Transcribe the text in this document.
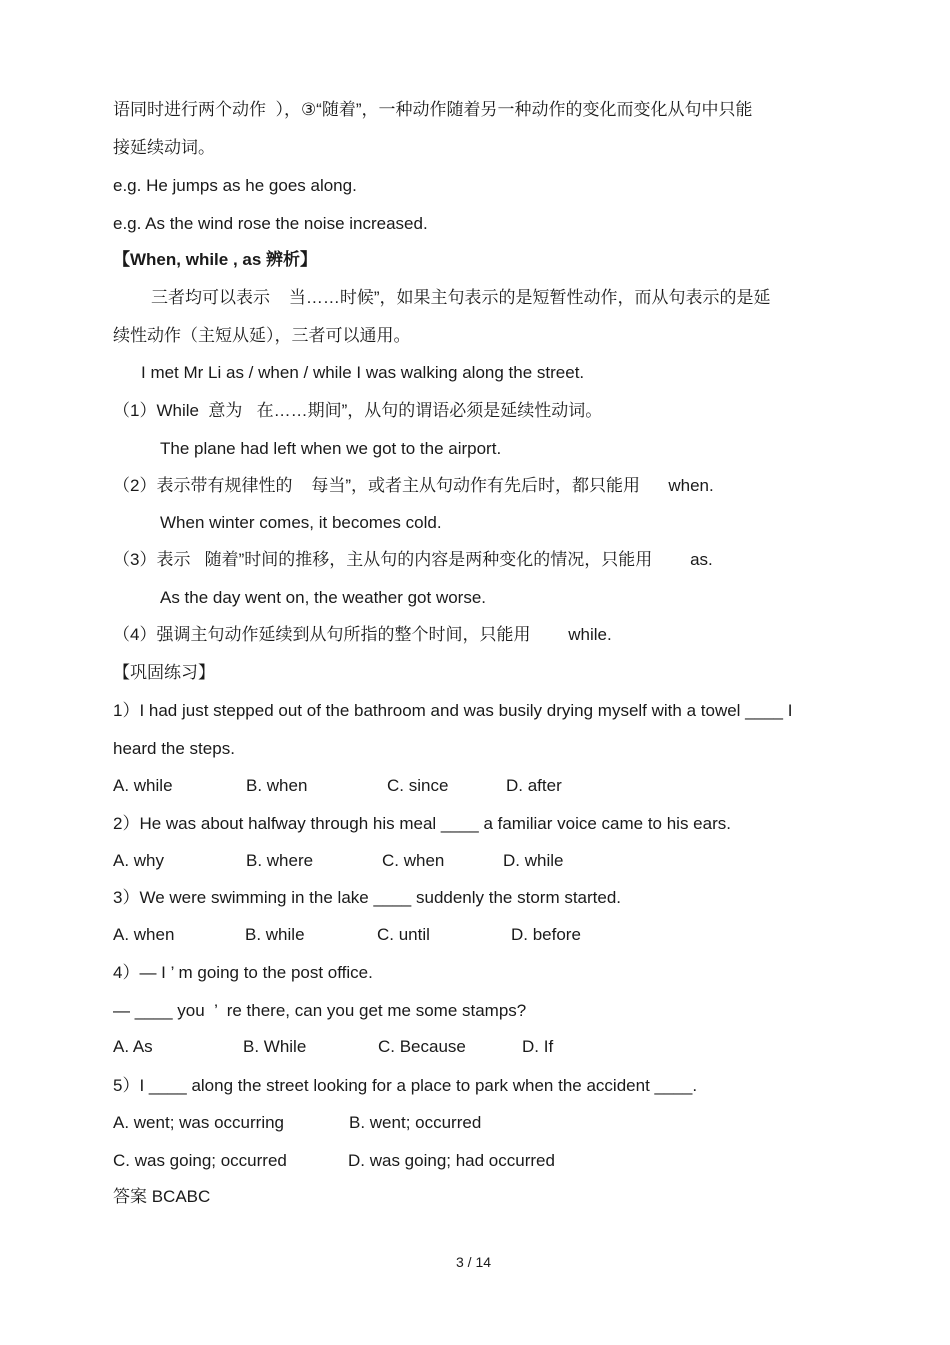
语同时进行两个动作  ），③“随着”，一种动作随着另一种动作的变化而变化从句中只能
接延续动词。
e.g. He jumps as he goes along.
e.g. As the wind rose the noise increased.
【When, while , as 辨析】
三者均可以表示    当……时候”，如果主句表示的是短暂性动作，而从句表示的是延
续性动作（主短从延），三者可以通用。
I met Mr Li as / when / while I was walking along the street.
（1）While  意为   在……期间”，从句的谓语必须是延续性动词。
The plane had left when we got to the airport.
（2）表示带有规律性的    每当”，或者主从句动作有先后时，都只能用      when.
When winter comes, it becomes cold.
（3）表示   随着”时间的推移，主从句的内容是两种变化的情况，只能用        as.
As the day went on, the weather got worse.
（4）强调主句动作延续到从句所指的整个时间，只能用        while.
【巩固练习】
1）I had just stepped out of the bathroom and was busily drying myself with a towel ____ I
heard the steps.
A. while	B. when	C. since	D. after
2）He was about halfway through his meal ____ a familiar voice came to his ears.
A. why	B. where	C. when	D. while
3）We were swimming in the lake ____ suddenly the storm started.
A. when	B. while	C. until	D. before
4）— I ’ m going to the post office.
— ____ you  ’  re there, can you get me some stamps?
A. As	B. While	C. Because	D. If
5）I ____ along the street looking for a place to park when the accident ____.
A. went; was occurring	B. went; occurred
C. was going; occurred	D. was going; had occurred
答案 BCABC
3 / 14
